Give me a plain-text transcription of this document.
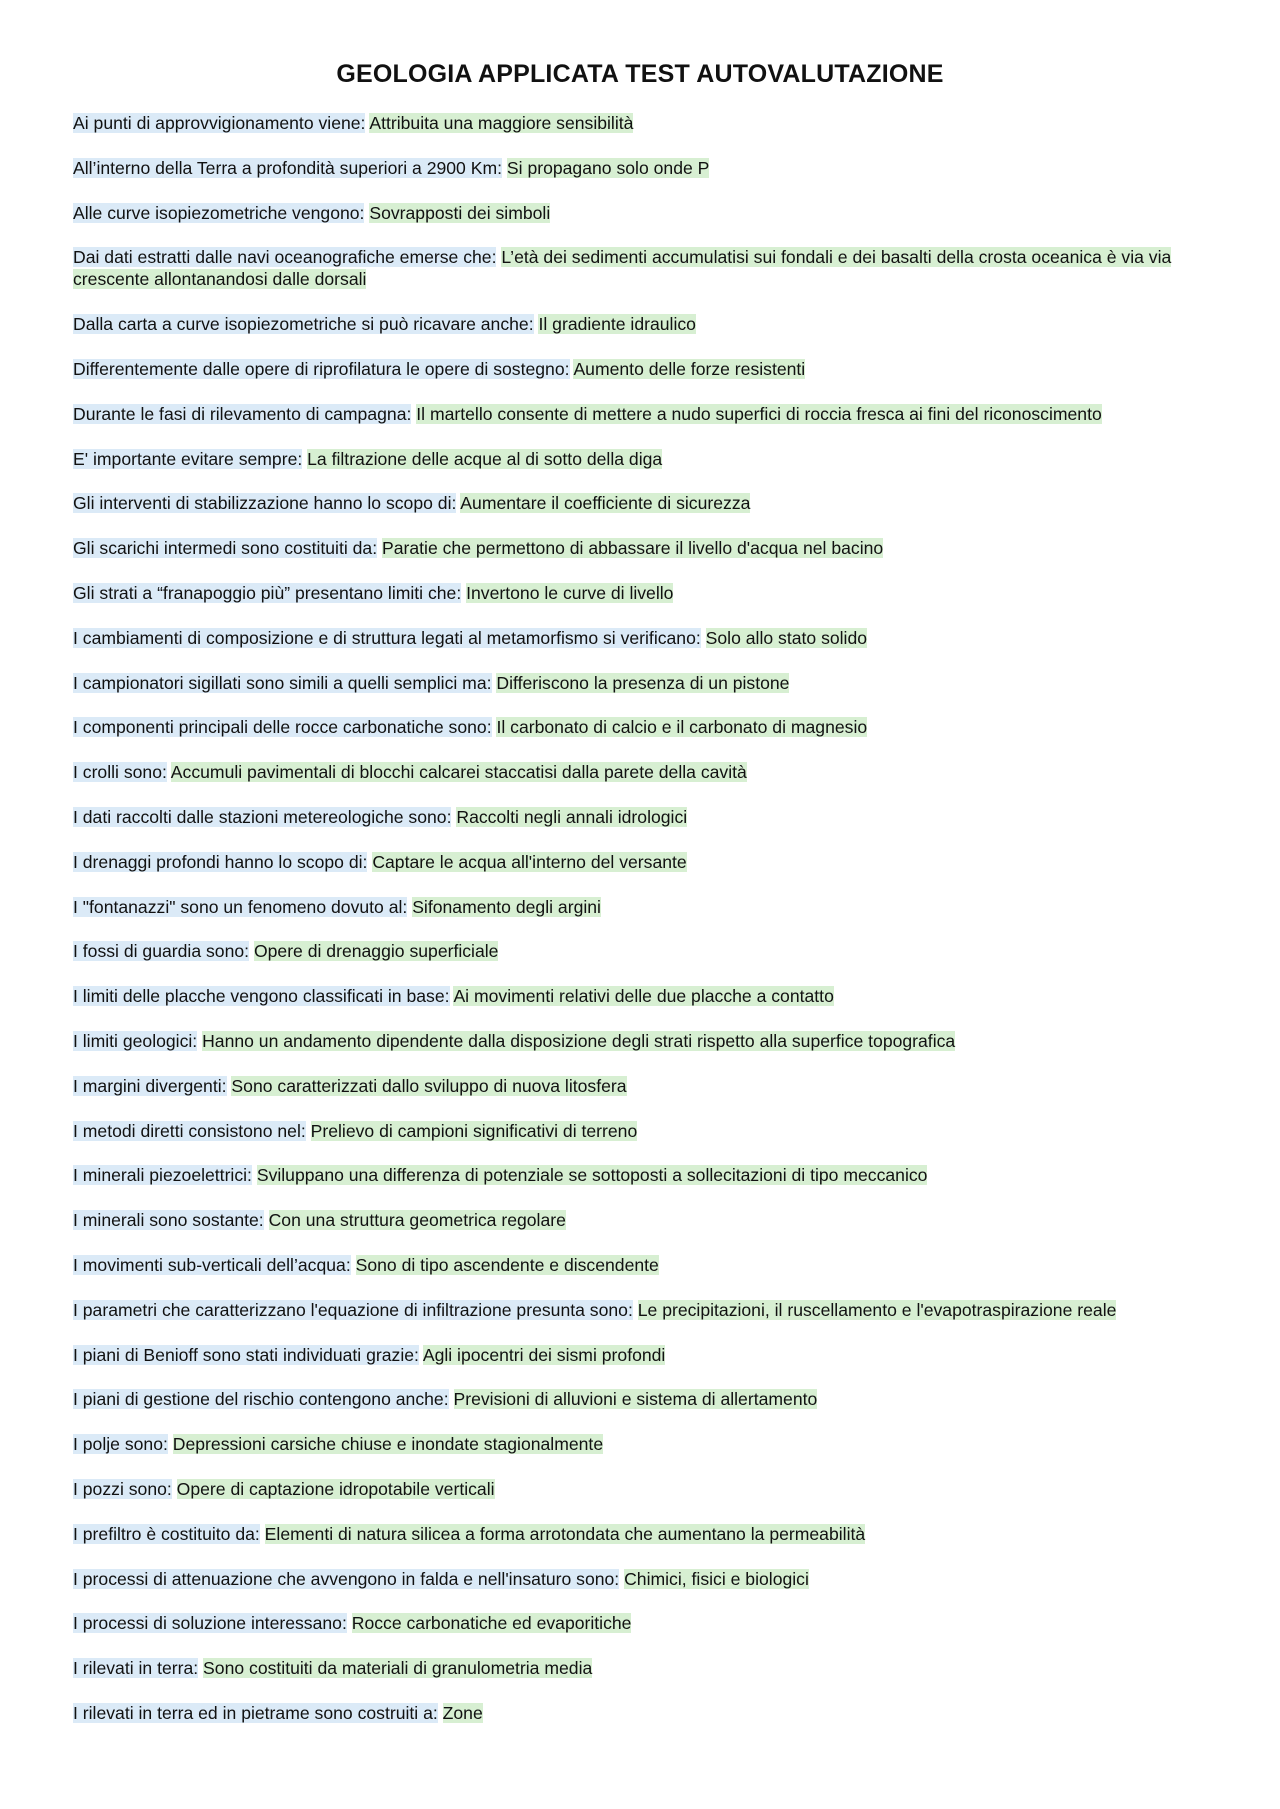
GEOLOGIA APPLICATA TEST AUTOVALUTAZIONE
Ai punti di approvvigionamento viene: Attribuita una maggiore sensibilità
All’interno della Terra a profondità superiori a 2900 Km: Si propagano solo onde P
Alle curve isopiezometriche vengono: Sovrapposti dei simboli
Dai dati estratti dalle navi oceanografiche emerse che: L’età dei sedimenti accumulatisi sui fondali e dei basalti della crosta oceanica è via via crescente allontanandosi dalle dorsali
Dalla carta a curve isopiezometriche si può ricavare anche: Il gradiente idraulico
Differentemente dalle opere di riprofilatura le opere di sostegno: Aumento delle forze resistenti
Durante le fasi di rilevamento di campagna: Il martello consente di mettere a nudo superfici di roccia fresca ai fini del riconoscimento
E' importante evitare sempre: La filtrazione delle acque al di sotto della diga
Gli interventi di stabilizzazione hanno lo scopo di: Aumentare il coefficiente di sicurezza
Gli scarichi intermedi sono costituiti da: Paratie che permettono di abbassare il livello d'acqua nel bacino
Gli strati a “franapoggio più” presentano limiti che: Invertono le curve di livello
I cambiamenti di composizione e di struttura legati al metamorfismo si verificano: Solo allo stato solido
I campionatori sigillati sono simili a quelli semplici ma: Differiscono la presenza di un pistone
I componenti principali delle rocce carbonatiche sono: Il carbonato di calcio e il carbonato di magnesio
I crolli sono: Accumuli pavimentali di blocchi calcarei staccatisi dalla parete della cavità
I dati raccolti dalle stazioni metereologiche sono: Raccolti negli annali idrologici
I drenaggi profondi hanno lo scopo di: Captare le acqua all'interno del versante
I "fontanazzi" sono un fenomeno dovuto al: Sifonamento degli argini
I fossi di guardia sono: Opere di drenaggio superficiale
I limiti delle placche vengono classificati in base: Ai movimenti relativi delle due placche a contatto
I limiti geologici: Hanno un andamento dipendente dalla disposizione degli strati rispetto alla superfice topografica
I margini divergenti: Sono caratterizzati dallo sviluppo di nuova litosfera
I metodi diretti consistono nel: Prelievo di campioni significativi di terreno
I minerali piezoelettrici: Sviluppano una differenza di potenziale se sottoposti a sollecitazioni di tipo meccanico
I minerali sono sostante: Con una struttura geometrica regolare
I movimenti sub-verticali dell’acqua: Sono di tipo ascendente e discendente
I parametri che caratterizzano l'equazione di infiltrazione presunta sono: Le precipitazioni, il ruscellamento e l'evapotraspirazione reale
I piani di Benioff sono stati individuati grazie: Agli ipocentri dei sismi profondi
I piani di gestione del rischio contengono anche: Previsioni di alluvioni e sistema di allertamento
I polje sono: Depressioni carsiche chiuse e inondate stagionalmente
I pozzi sono: Opere di captazione idropotabile verticali
I prefiltro è costituito da: Elementi di natura silicea a forma arrotondata che aumentano la permeabilità
I processi di attenuazione che avvengono in falda e nell'insaturo sono: Chimici, fisici e biologici
I processi di soluzione interessano: Rocce carbonatiche ed evaporitiche
I rilevati in terra: Sono costituiti da materiali di granulometria media
I rilevati in terra ed in pietrame sono costruiti a: Zone
